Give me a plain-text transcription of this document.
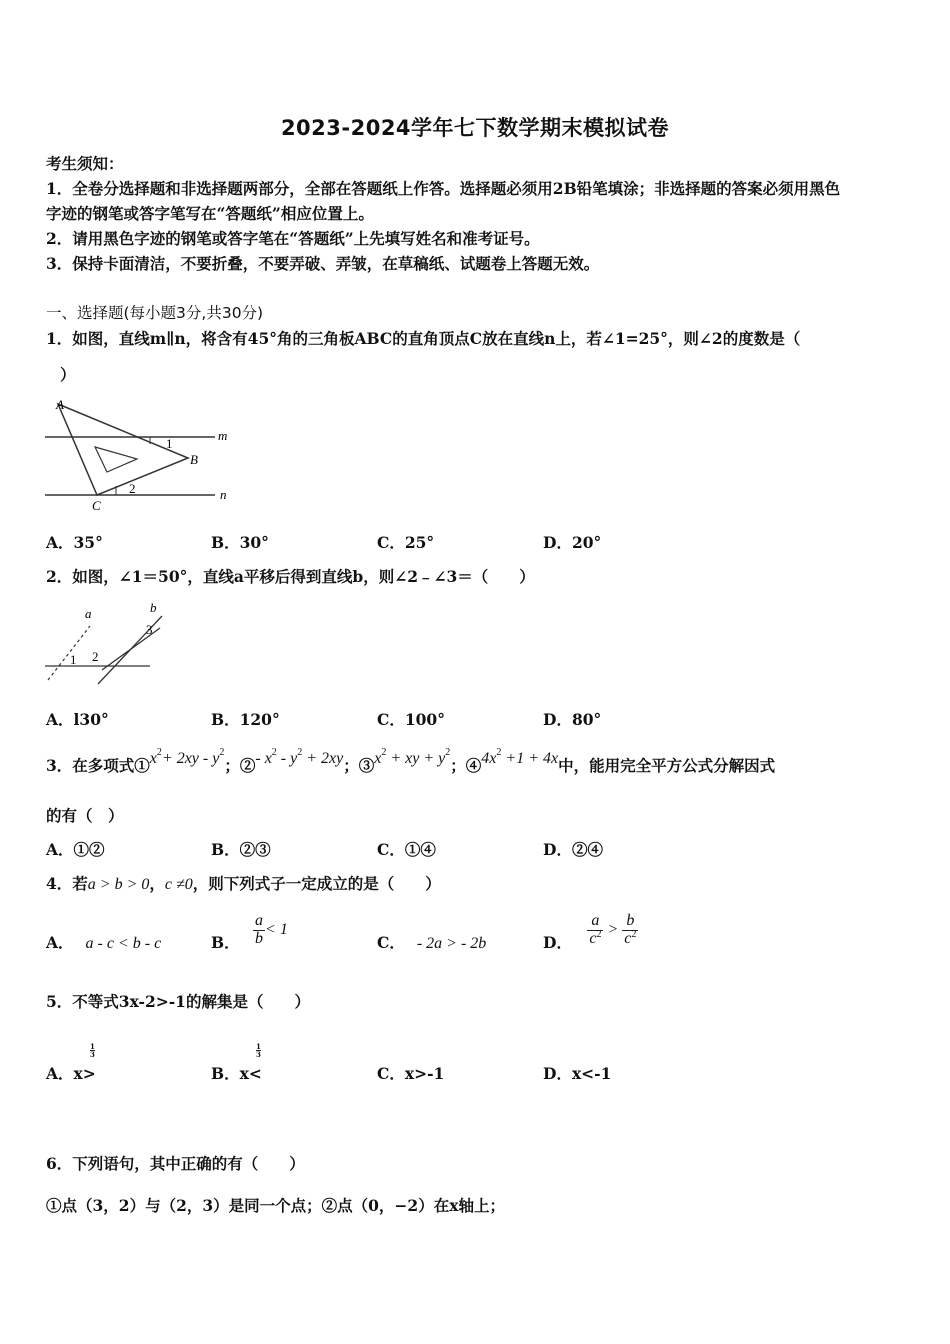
2023-2024学年七下数学期末模拟试卷
考生须知：
1．全卷分选择题和非选择题两部分，全部在答题纸上作答。选择题必须用2B铅笔填涂；非选择题的答案必须用黑色
字迹的钢笔或答字笔写在“答题纸”相应位置上。
2．请用黑色字迹的钢笔或答字笔在“答题纸”上先填写姓名和准考证号。
3．保持卡面清洁，不要折叠，不要弄破、弄皱，在草稿纸、试题卷上答题无效。
一、选择题(每小题3分,共30分)
1．如图，直线m∥n，将含有45°角的三角板ABC的直角顶点C放在直线n上，若∠1=25°，则∠2的度数是（
）
A
B
C
m
n
1
2
A．35°	B．30°	C．25°	D．20°
2．如图，∠1＝50°，直线a平移后得到直线b，则∠2﹣∠3＝（　　）
a	b
1 2
3
A．l30°	B．120°	C．100°	D．80°
3．在多项式$①x^2+ 2xy - y^2$；②- $x^2 - y^2 + 2xy$；$③x^2$ + xy + $y^2$；$④4x^2 +1 + 4x$中，能用完全平方公式分解因式
的有（　）
A．①②	B．②③	C．①④	D．②④
4．若a > b > 0，c ≠0，则下列式子一定成立的是（　　）
A． a - c < b - c	B． $\frac{a}{b} < 1$
C． - 2a > - 2b	D． $\frac{a}{c^2} > \frac{b}{c^2}$
5．不等式3x-2>-1的解集是（　　）
$\frac{1}{3}$	$\frac{1}{3}$
A．x>	B．x<	C．x>-1	D．x<-1
6．下列语句，其中正确的有（　　）
①点（3，2）与（2，3）是同一个点；②点（0，−2）在x轴上；
